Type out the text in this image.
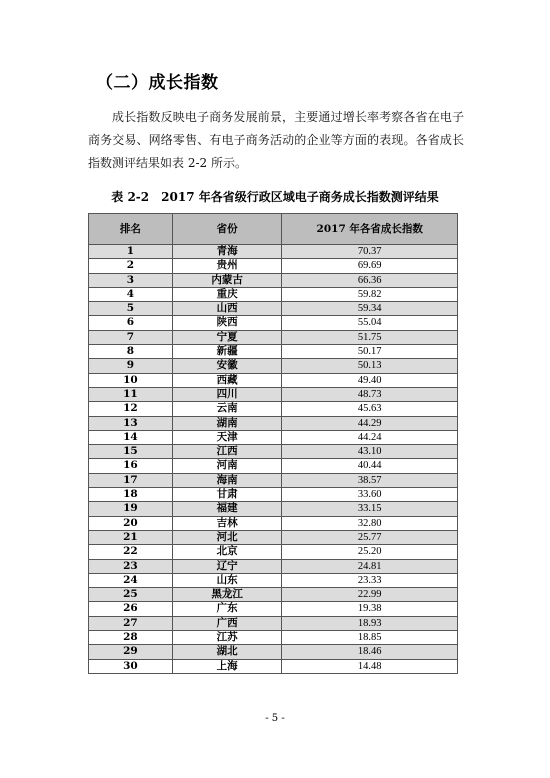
（二）成长指数

成长指数反映电子商务发展前景，主要通过增长率考察各省在电子商务交易、网络零售、有电子商务活动的企业等方面的表现。各省成长指数测评结果如表 2-2 所示。

表 2-2　2017 年各省级行政区域电子商务成长指数测评结果

排名	省份	2017 年各省成长指数
1	青海	70.37
2	贵州	69.69
3	内蒙古	66.36
4	重庆	59.82
5	山西	59.34
6	陕西	55.04
7	宁夏	51.75
8	新疆	50.17
9	安徽	50.13
10	西藏	49.40
11	四川	48.73
12	云南	45.63
13	湖南	44.29
14	天津	44.24
15	江西	43.10
16	河南	40.44
17	海南	38.57
18	甘肃	33.60
19	福建	33.15
20	吉林	32.80
21	河北	25.77
22	北京	25.20
23	辽宁	24.81
24	山东	23.33
25	黑龙江	22.99
26	广东	19.38
27	广西	18.93
28	江苏	18.85
29	湖北	18.46
30	上海	14.48

- 5 -
